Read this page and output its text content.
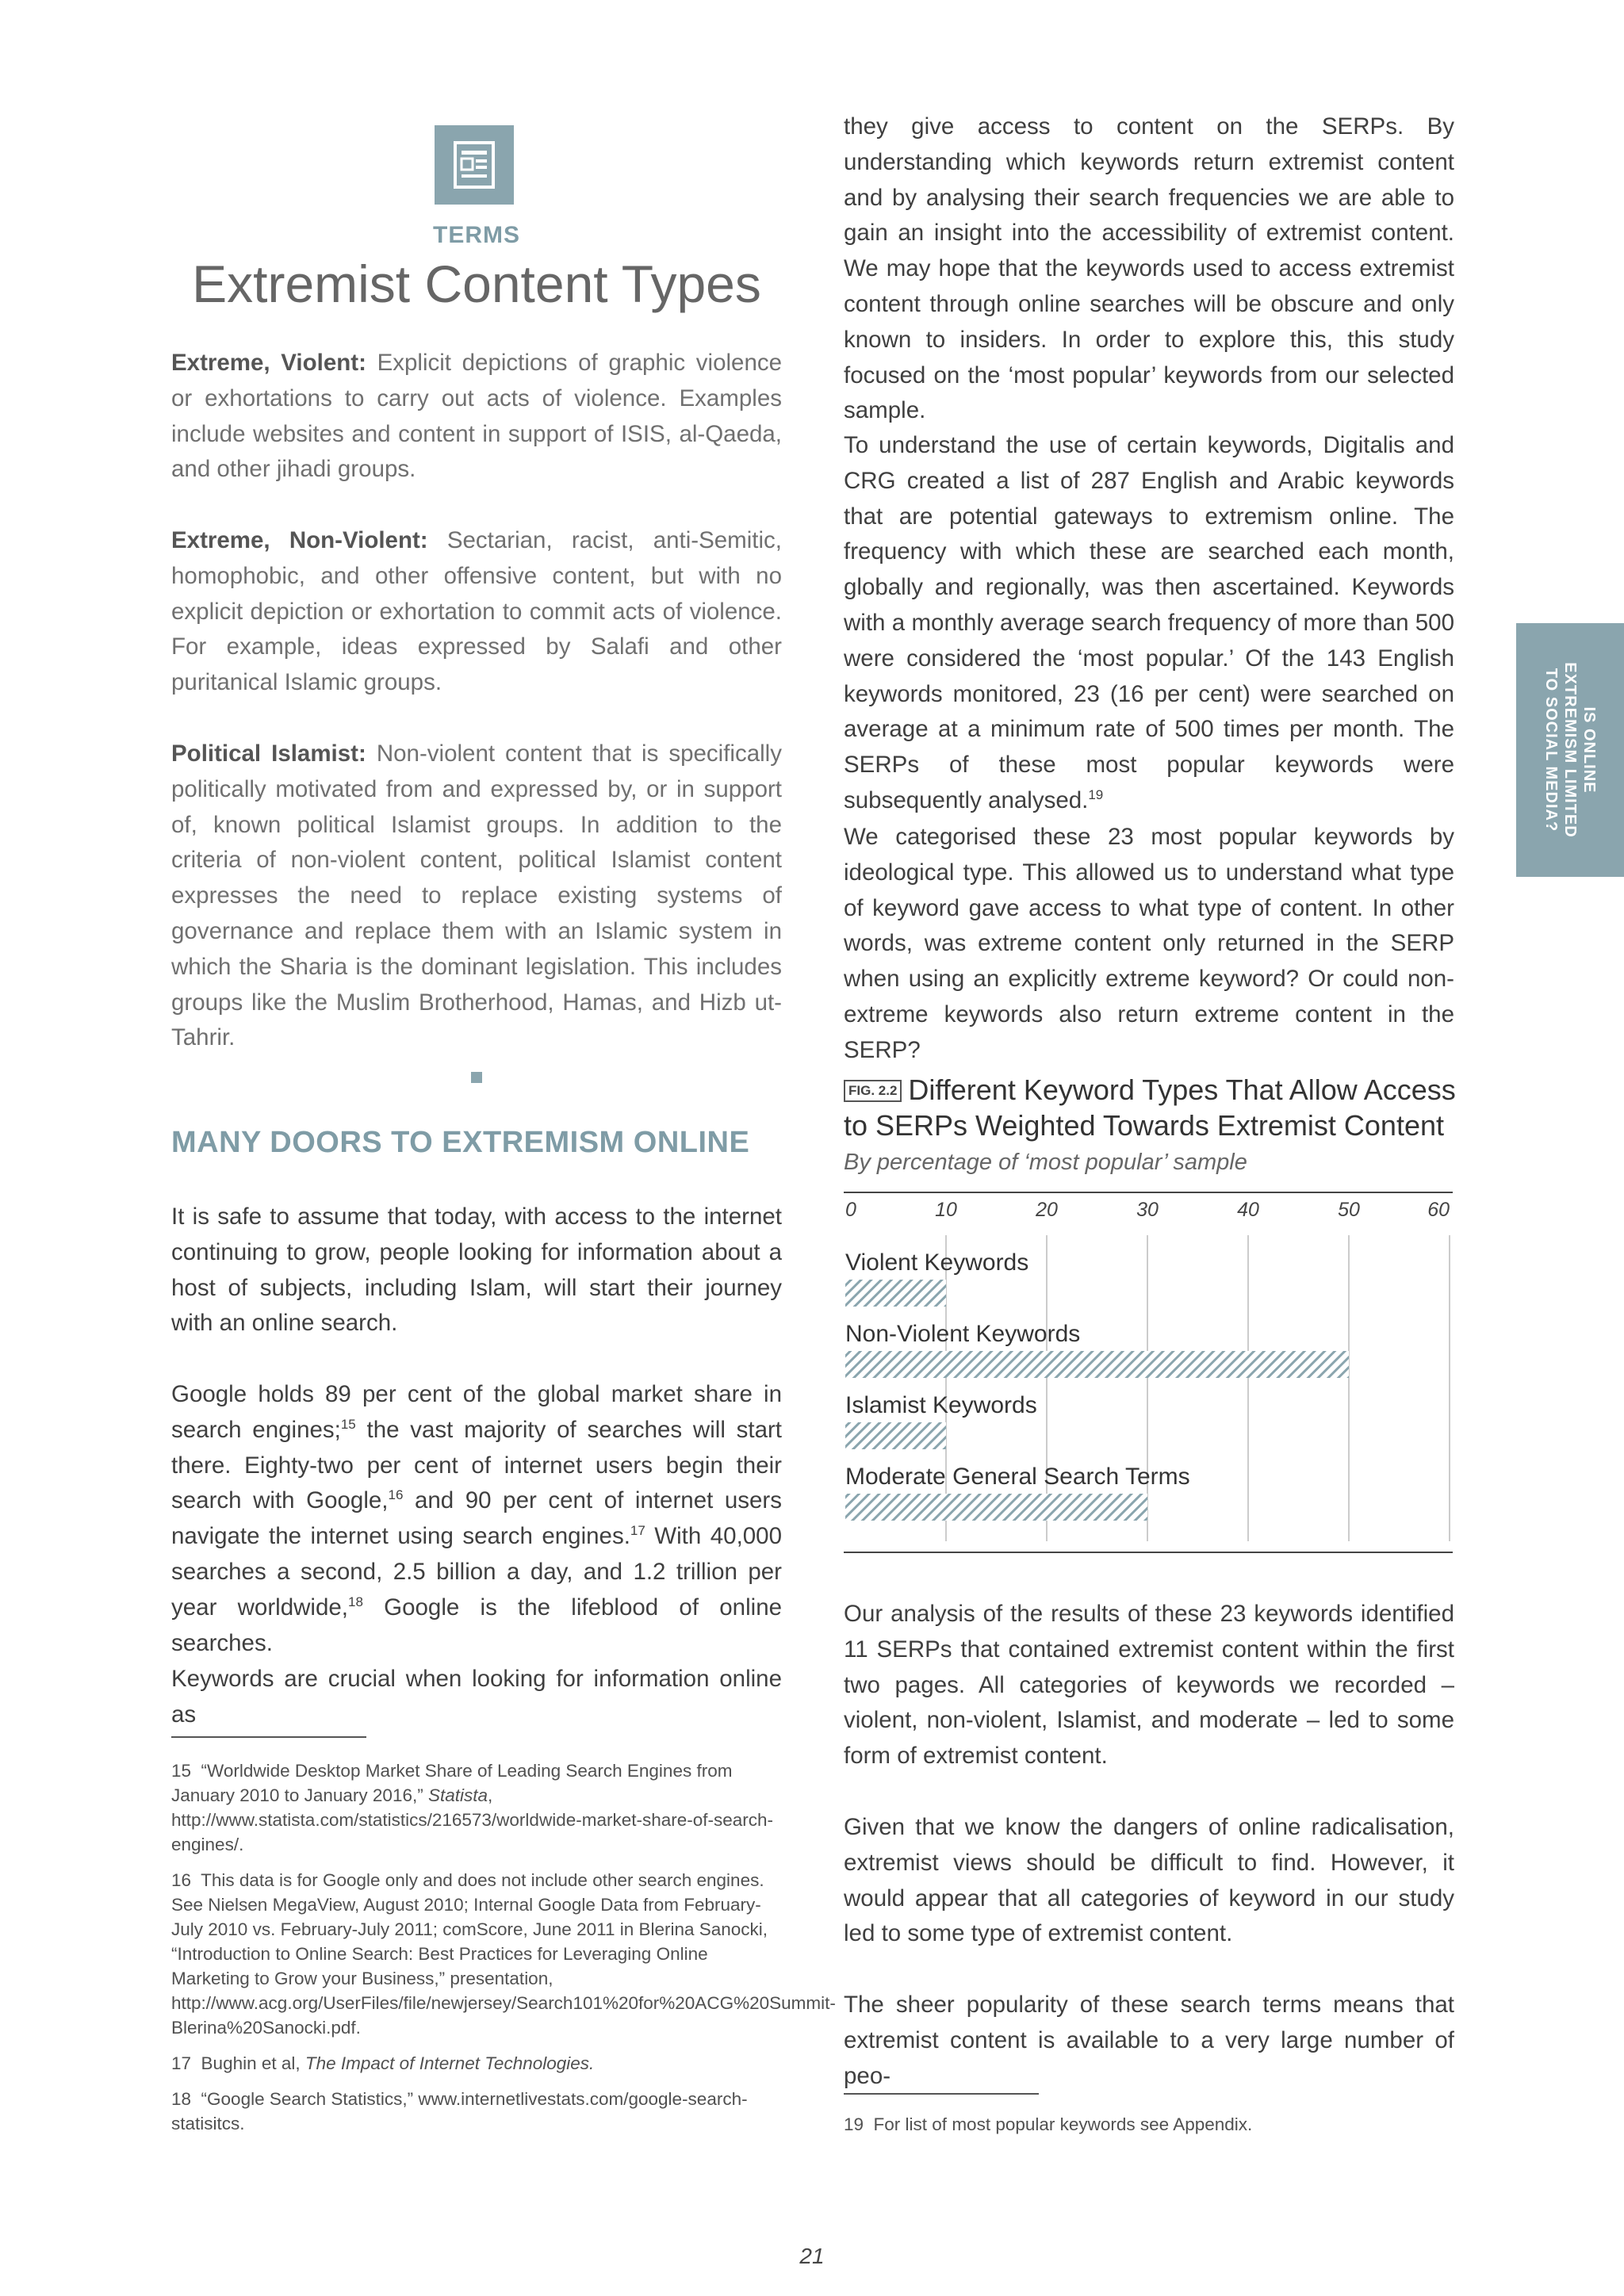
TERMS
Extremist Content Types

Extreme, Violent: Explicit depictions of graphic violence or exhortations to carry out acts of violence. Examples include websites and content in support of ISIS, al-Qaeda, and other jihadi groups.

Extreme, Non-Violent: Sectarian, racist, anti-Semitic, homophobic, and other offensive content, but with no explicit depiction or exhortation to commit acts of violence. For example, ideas expressed by Salafi and other puritanical Islamic groups.

Political Islamist: Non-violent content that is specifically politically motivated from and expressed by, or in support of, known political Islamist groups. In addition to the criteria of non-violent content, political Islamist content expresses the need to replace existing systems of governance and replace them with an Islamic system in which the Sharia is the dominant legislation. This includes groups like the Muslim Brotherhood, Hamas, and Hizb ut-Tahrir.

MANY DOORS TO EXTREMISM ONLINE

It is safe to assume that today, with access to the internet continuing to grow, people looking for information about a host of subjects, including Islam, will start their journey with an online search.

Google holds 89 per cent of the global market share in search engines;$^{15}$ the vast majority of searches will start there. Eighty-two per cent of internet users begin their search with Google,$^{16}$ and 90 per cent of internet users navigate the internet using search engines.$^{17}$ With 40,000 searches a second, 2.5 billion a day, and 1.2 trillion per year worldwide,$^{18}$ Google is the lifeblood of online searches.

Keywords are crucial when looking for information online as

15 “Worldwide Desktop Market Share of Leading Search Engines from January 2010 to January 2016,” Statista, http://www.statista.com/statistics/216573/worldwide-market-share-of-search-engines/.
16 This data is for Google only and does not include other search engines. See Nielsen MegaView, August 2010; Internal Google Data from February-July 2010 vs. February-July 2011; comScore, June 2011 in Blerina Sanocki, “Introduction to Online Search: Best Practices for Leveraging Online Marketing to Grow your Business,” presentation, http://www.acg.org/UserFiles/file/newjersey/Search101%20for%20ACG%20Summit-Blerina%20Sanocki.pdf.
17 Bughin et al, The Impact of Internet Technologies.
18 “Google Search Statistics,” www.internetlivestats.com/google-search-statisitcs.

they give access to content on the SERPs. By understanding which keywords return extremist content and by analysing their search frequencies we are able to gain an insight into the accessibility of extremist content. We may hope that the keywords used to access extremist content through online searches will be obscure and only known to insiders. In order to explore this, this study focused on the ‘most popular’ keywords from our selected sample.

To understand the use of certain keywords, Digitalis and CRG created a list of 287 English and Arabic keywords that are potential gateways to extremism online. The frequency with which these are searched each month, globally and regionally, was then ascertained. Keywords with a monthly average search frequency of more than 500 were considered the ‘most popular.’ Of the 143 English keywords monitored, 23 (16 per cent) were searched on average at a minimum rate of 500 times per month. The SERPs of these most popular keywords were subsequently analysed.$^{19}$

We categorised these 23 most popular keywords by ideological type. This allowed us to understand what type of keyword gave access to what type of content. In other words, was extreme content only returned in the SERP when using an explicitly extreme keyword? Or could non-extreme keywords also return extreme content in the SERP?

FIG. 2.2 Different Keyword Types That Allow Access to SERPs Weighted Towards Extremist Content
By percentage of ‘most popular’ sample
0	10	20	30	40	50	60
Violent Keywords
Non-Violent Keywords
Islamist Keywords
Moderate General Search Terms

Our analysis of the results of these 23 keywords identified 11 SERPs that contained extremist content within the first two pages. All categories of keywords we recorded – violent, non-violent, Islamist, and moderate – led to some form of extremist content.

Given that we know the dangers of online radicalisation, extremist views should be difficult to find. However, it would appear that all categories of keyword in our study led to some type of extremist content.

The sheer popularity of these search terms means that extremist content is available to a very large number of peo-

19 For list of most popular keywords see Appendix.
IS ONLINE
EXTREMISM LIMITED
TO SOCIAL MEDIA?
21
